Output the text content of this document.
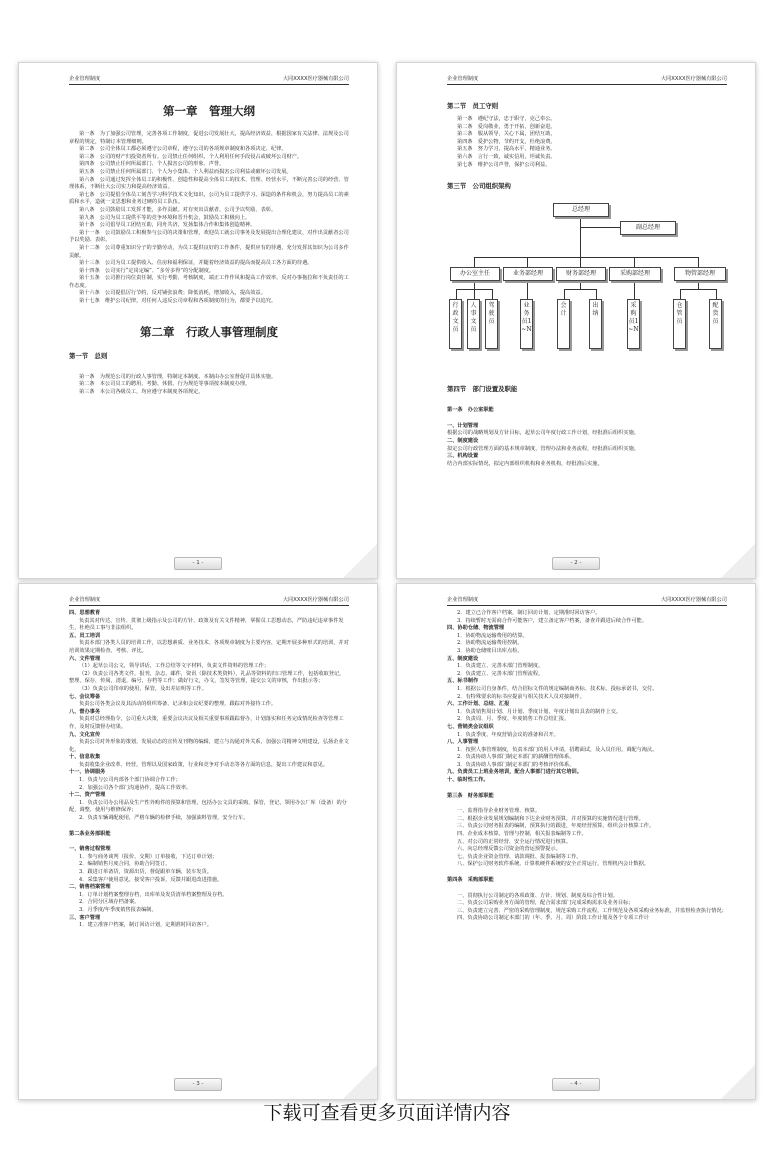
企业管理制度	大同XXXX医疗器械有限公司
第一章　管理大纲
第一条　为了加强公司管理，完善各项工作制度，促进公司发展壮大，提高经济效益，根据国家有关法律、法规及公司章程的规定，特制订本管理细则。
第二条　公司全体员工都必须遵守公司章程，遵守公司的各项规章制度和各项决定、纪律。
第三条　公司的财产归投资者所有。公司禁止任何组织、个人利用任何手段侵占或破坏公司财产。
第四条　公司禁止任何所属部门、个人损害公司的形象、声誉。
第五条　公司禁止任何所属部门、个人为小集体、个人利益而损害公司利益或破坏公司发展。
第六条　公司通过发挥全体员工的积极性、创造性和提高全体员工的技术、管理、经营水平，不断完善公司的经营、管理体系，不断壮大公司实力和提高经济效益。
第七条　公司提倡全体员工刻苦学习科学技术文化知识，公司为员工提供学习、深造的条件和机会，努力提高员工的素质和水平，造就一支思想和业务过硬的员工队伍。
第八条　公司鼓励员工发挥才能，多作贡献。对有突出贡献者，公司予以奖励、表彰。
第九条　公司为员工提供平等的竞争环境和晋升机会，鼓励员工积极向上。
第十条　公司倡导员工团结互助，同舟共济，发扬集体合作和集体创造精神。
第十一条　公司鼓励员工积极参与公司的决策和管理，欢迎员工就公司事务及发展提出合理化建议，对作出贡献者公司予以奖励、表彰。
第十二条　公司尊重知识分子的辛勤劳动，为员工提供良好的工作条件，提供应有的待遇，充分发挥其知识为公司多作贡献。
第十三条　公司为员工提供收入、住房和福利保证，并随着经济效益的提高而提高员工各方面的待遇。
第十四条　公司实行“定岗定编”、“多劳多得”的分配制度。
第十五条　公司推行岗位责任制，实行考勤、考核制度，端正工作作风和提高工作效率，反对办事拖拉和不负责任的工作态度。
第十六条　公司提倡厉行节约，反对铺张浪费；降低消耗，增加收入，提高效益。
第十七条　维护公司纪律，对任何人违反公司章程和各项制度的行为，都要予以追究。
第二章　行政人事管理制度
第一节　总则
第一条　为规范公司的行政人事管理，特制定本制度。本制由办公室督促并具体实施。
第二条　本公司员工的聘用、考勤、休假、行为规范等事项按本制度办理。
第三条　本公司各级员工，均应遵守本制度各项规定。
- 1 -
企业管理制度	大同XXXX医疗器械有限公司
第二节　员工守则
第一条　遵纪守法，忠于职守，克己奉公。
第二条　爱岗敬业，勇于开拓，创新奋进。
第三条　服从领导，关心下属，团结互助。
第四条　爱护公物，节约开支，杜绝浪费。
第五条　努力学习，提高水平，精通业务。
第六条　言行一致，诚实信用，坦诚负责。
第七条　维护公司声誉，保护公司利益。
第三节　公司组织架构
总经理
副总经理
办公室主任	业务部经理	财务部经理	采购部经理	物管部经理
行政文员
人事文员
驾驶员
业务员1~N
会计
出纳
采购员1~N
仓管员
配货员
第四节　部门设置及职能
第一条　办公室职能
一、计划管理
根据公司的战略规划及方针目标，起草公司年度行政工作计划，经批准后组织实施。
二、制度建设
拟定公司行政管理方面的基本规章制度，管理办法和业务流程，经批准后组织实施。
三、机构设置
结合内部实际情况，拟定内部组织机构和业务机构，经批准后实施。
- 2 -
企业管理制度	大同XXXX医疗器械有限公司
四、思想教育
负责其对传达、宣传、贯彻上级指示及公司的方针、政策及有关文件精神，掌握员工思想动态，严防违纪违章事件发生，杜绝员工事与非法组织。
五、员工培训
负责本部门各类人员的培训工作，以思想素质、业务技术、各项规章制度为主要内容，定期开展多种形式的培训，并对培训效果定期检查、考核、评比。
六、文件管理
（1）起草公司公文，领导讲话，工作总结等文字材料，负责文件资料的管理工作；
（2）负责公司各类文件，报刊，杂志，邮件，资讯（除技术类资料），礼品等资料的归口管理工作，包括收取登记，整理，保存，传阅，清退，编号，存档等工作；做好行文，办文，签发等管理，提交公文的审核，作出批示等；
（3）负责公司印章的使用，保管，及出差证明等工作。
七、会议筹备
负责公司各类会议及其活动的组织筹备、记录和会议纪要的整理，跟踪对外接待工作。
八、督办事务
负责对总经理指令，公司重大决策，重要会议决议及相关重要事项跟踪督办，计划落实和任务完成情况检查等管理工作，及时反馈督办结果。
九、文化宣传
负责公司对外形象的策划，发展动态的宣传及刊物的编辑，建立与沟通对外关系，加强公司精神文明建设，弘扬企业文化。
十、信息收集
负责收集企业改革、经营，管理以及国家政策，行业和竞争对手动态等各方面的信息，提出工作建议和意见。
十一、协调服务
1．负责与公司内部各个部门协调合作工作；
2．加强公司各个部门沟通协作，提高工作效率。
十二、资产管理
1．负责公司办公用品及生产性外购件的预算和管理，包括办公文具的采购，保管，登记，领用办公厂库（设备）的分配，调整，使用与维修保养；
2．负责车辆调配使用，严格车辆的检修手续，加强油料管理，安全行车。
第二条业务部职能
一、销售过程管理
1．参与商务谈判（报价、交期）订单接收，下达订单计划；
2．编制销售月度合同，协助合同签订。
3．跟进订单备货，资源出货，督促跟单车辆，装车发货。
4．采集客户使用意见，接受客户投诉，反馈并跟进改进措施。
二、销售档案管理
1．订单计划档案整理存档，出库单及发货清单档案整理及存档。
2．合同分区域存档备案。
3．月季度/年季度销售报表编制。
三、客户管理
1．建立准客户档案，制订回访计划，定期准时回访客户。
- 3 -
企业管理制度	大同XXXX医疗器械有限公司
2．建立已合作客户档案，制订回访计划，定期准时回访客户。
3．持续暂时无需商合作可能客户，建立备定客户档案，备查并跟进后续合作可能。
四、协助仓储、物流管理
1．协助物流运输费用的结算。
2．协助物流运输费用控制。
3．协助仓储账目出库点检。
五、制度建设
1．负责建立、完善本部门管理制度。
2．负责建立、完善本部门管理流程。
五、标书制作
1．根据公司自身条件，结合招标文件的规定编制商务标、技术标、投标承诺书，交付。
2．有特殊要求的标书应提前与相关技术人员对接制作。
六、工作计划、总结、汇报
1．负责销售周计划、月计划、季度计划、年度计划出具表的制作上交。
2．负责周、月、季度、年度销售工作总结汇报。
七、营销类会议组织
1．负责季度、年度营销会议的准备和召开。
八、人事管理
1．按照人事管理制度，负责本部门的用人申请，招聘面试，及入员任用，调配与淘汰。
2．负责协助人事部门制定本部门的薪酬管理体系。
3．负责协助人事部门制定本部门的考核评价体系。
九、负责员工上班业务培训，配合人事部门进行其它培训。
十、临时性工作。
第三条　财务部职能
一、监督指导企业财务管理、核算。
二、根据企业发展规划编制和下达企业财务预算，并对预算的实施情况进行管理。
三、负责公司财务报表的编制，预算执行的跟进，年度经营预算，组织会计核算工作。
四、企业成本核算，管理与控制，相关报表编制等工作。
五、对公司的正常经营、安全运行情况进行核算。
六、向总经理反馈公司资金的营运预警提示。
七、负责企业资金管理、请款调批、报表编制等工作。
八、保护公司财务软件系统、计算机硬件系统的安全正常运行，管理机内会计数据。
第四条　采购部职能
一、贯彻执行公司制定的各项政策、方针、规划、制度及综合性计划。
二、负责公司采购业务方面的管理，配合需求部门完成采购需求及业务目标；
三、负责建立完善、严密的采购管理制度，规范采购工作流程，工作规范及各项采购业务标准，并监督检查执行情况；
四、负责协助公司制定本部门的（年、季、月、周）阶段工作计划及各个专项工作计
- 4 -
下载可查看更多页面详情内容
